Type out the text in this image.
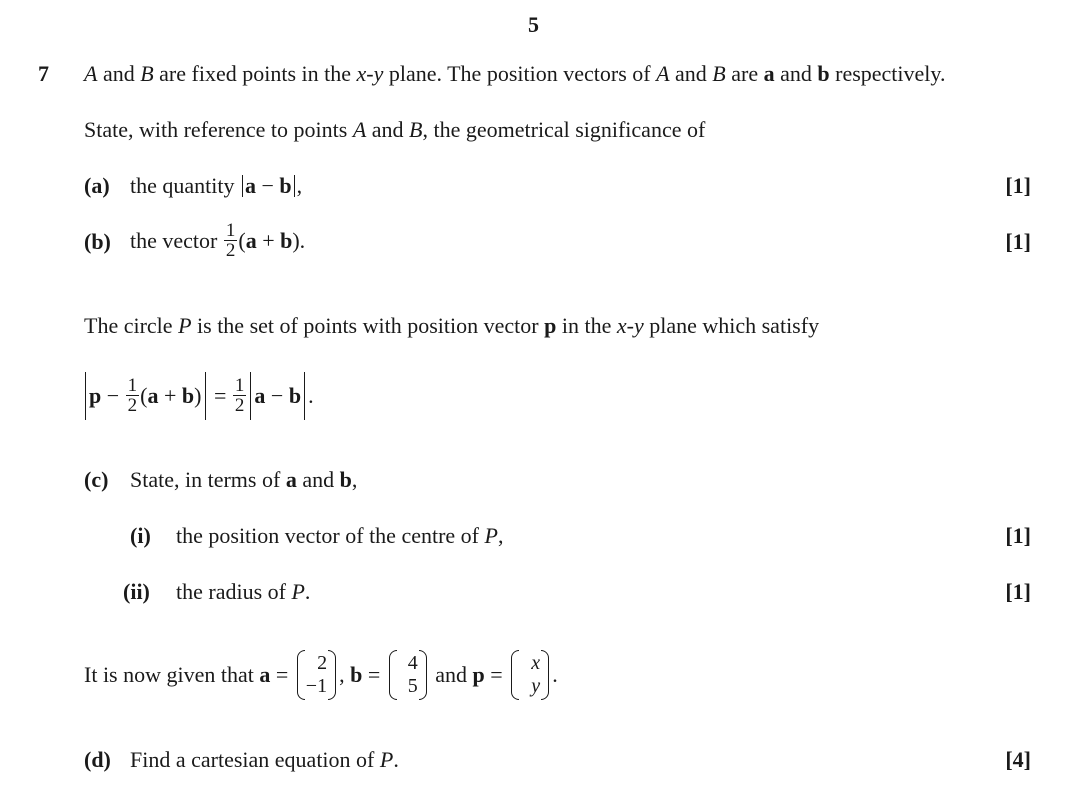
5
7 A and B are fixed points in the x-y plane. The position vectors of A and B are a and b respectively.
State, with reference to points A and B, the geometrical significance of
(a) the quantity a − b ,	[1]
(b) the vector $\frac{1}{2} (a + b)$.	[1]
The circle P is the set of points with position vector p in the x-y plane which satisfy
$p - \frac{1}{2} (a + b) = \frac{1}{2}$ a − b .
(c) State, in terms of a and b,
(i) the position vector of the centre of P,	[1]
(ii) the radius of P.	[1]
It is now given that a =	2
−1 , b =	4
5 and p =	x
y .
(d) Find a cartesian equation of P.	[4]
